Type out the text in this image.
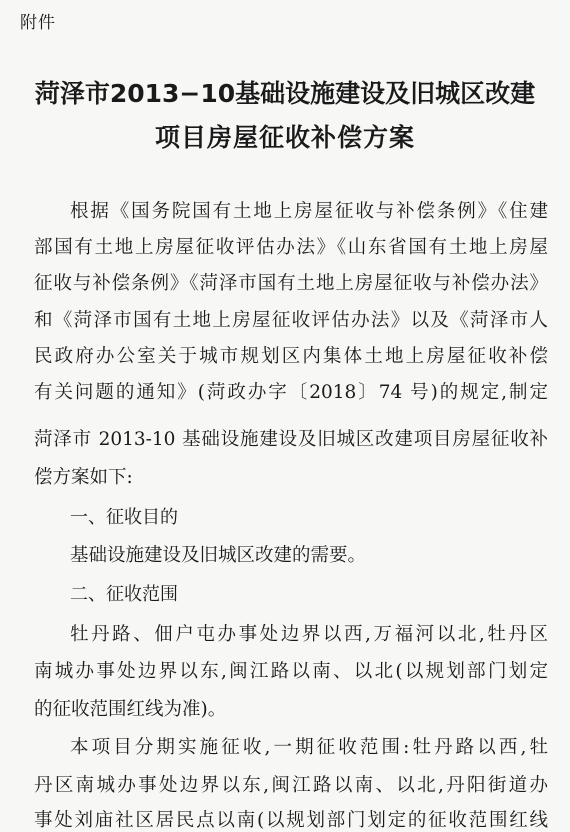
附件
菏泽市2013−10基础设施建设及旧城区改建
项目房屋征收补偿方案
根据《国务院国有土地上房屋征收与补偿条例》《住建
部国有土地上房屋征收评估办法》《山东省国有土地上房屋
征收与补偿条例》《菏泽市国有土地上房屋征收与补偿办法》
和《菏泽市国有土地上房屋征收评估办法》以及《菏泽市人
民政府办公室关于城市规划区内集体土地上房屋征收补偿
有关问题的通知》(菏政办字〔2018〕74 号)的规定,制定
菏泽市 2013-10 基础设施建设及旧城区改建项目房屋征收补
偿方案如下:
一、征收目的
基础设施建设及旧城区改建的需要。
二、征收范围
牡丹路、佃户屯办事处边界以西,万福河以北,牡丹区
南城办事处边界以东,闽江路以南、以北(以规划部门划定
的征收范围红线为准)。
本项目分期实施征收,一期征收范围:牡丹路以西,牡
丹区南城办事处边界以东,闽江路以南、以北,丹阳街道办
事处刘庙社区居民点以南(以规划部门划定的征收范围红线
